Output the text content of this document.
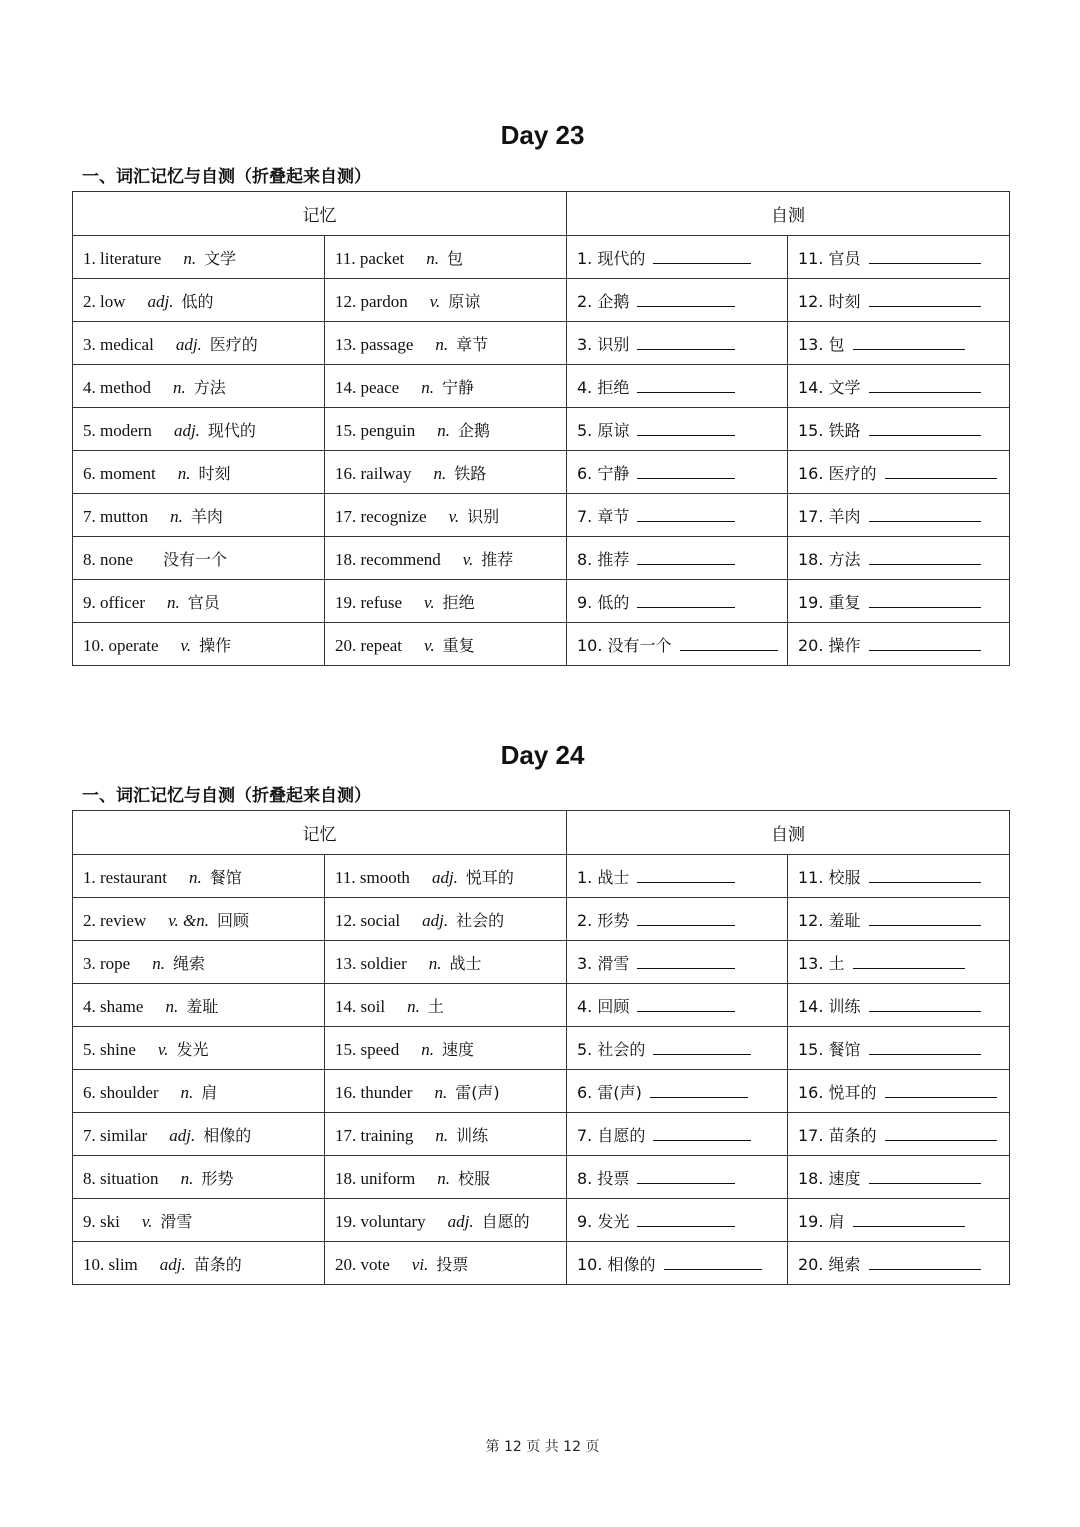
Day 23

一、词汇记忆与自测（折叠起来自测）

记忆		自测	
1. literature n. 文学	11. packet n. 包	1. 现代的	11. 官员
2. low adj. 低的	12. pardon v. 原谅	2. 企鹅	12. 时刻
3. medical adj. 医疗的	13. passage n. 章节	3. 识别	13. 包
4. method n. 方法	14. peace n. 宁静	4. 拒绝	14. 文学
5. modern adj. 现代的	15. penguin n. 企鹅	5. 原谅	15. 铁路
6. moment n. 时刻	16. railway n. 铁路	6. 宁静	16. 医疗的
7. mutton n. 羊肉	17. recognize v. 识别	7. 章节	17. 羊肉
8. none 没有一个	18. recommend v. 推荐	8. 推荐	18. 方法
9. officer n. 官员	19. refuse v. 拒绝	9. 低的	19. 重复
10. operate v. 操作	20. repeat v. 重复	10. 没有一个	20. 操作
Day 24

一、词汇记忆与自测（折叠起来自测）

记忆		自测	
1. restaurant n. 餐馆	11. smooth adj. 悦耳的	1. 战士	11. 校服
2. review v. &n. 回顾	12. social adj. 社会的	2. 形势	12. 羞耻
3. rope n. 绳索	13. soldier n. 战士	3. 滑雪	13. 土
4. shame n. 羞耻	14. soil n. 土	4. 回顾	14. 训练
5. shine v. 发光	15. speed n. 速度	5. 社会的	15. 餐馆
6. shoulder n. 肩	16. thunder n. 雷(声)	6. 雷(声)	16. 悦耳的
7. similar adj. 相像的	17. training n. 训练	7. 自愿的	17. 苗条的
8. situation n. 形势	18. uniform n. 校服	8. 投票	18. 速度
9. ski v. 滑雪	19. voluntary adj. 自愿的	9. 发光	19. 肩
10. slim adj. 苗条的	20. vote vi. 投票	10. 相像的	20. 绳索

第 12 页 共 12 页
